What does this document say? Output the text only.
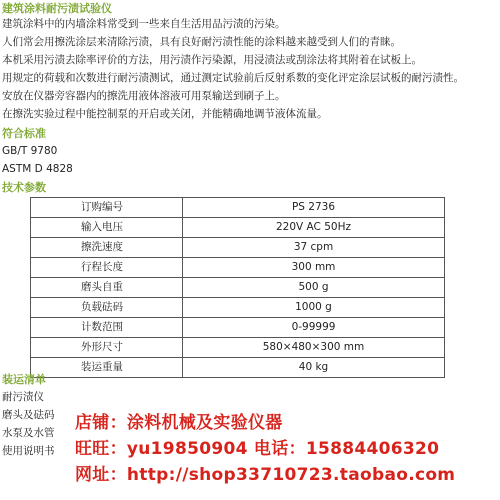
建筑涂料耐污渍试验仪
建筑涂料中的内墙涂料常受到一些来自生活用品污渍的污染。
人们常会用擦洗涂层来清除污渍，具有良好耐污渍性能的涂料越来越受到人们的青睐。
本机采用污渍去除率评价的方法，用污渍作污染源，用浸渍法或刮涂法将其附着在试板上。
用规定的荷载和次数进行耐污渍测试，通过测定试验前后反射系数的变化评定涂层试板的耐污渍性。
安放在仪器旁容器内的擦洗用液体溶液可用泵输送到刷子上。
在擦洗实验过程中能控制泵的开启或关闭，并能精确地调节液体流量。
符合标准
GB/T 9780
ASTM D 4828
技术参数
订购编号	PS 2736
输入电压	220V AC 50Hz
擦洗速度	37 cpm
行程长度	300 mm
磨头自重	500 g
负载砝码	1000 g
计数范围	0-99999
外形尺寸	580×480×300 mm
装运重量	40 kg
装运清单
耐污渍仪
磨头及砝码
水泵及水管
使用说明书
店铺：涂料机械及实验仪器
旺旺：yu19850904 电话：15884406320
网址：http://shop33710723.taobao.com
